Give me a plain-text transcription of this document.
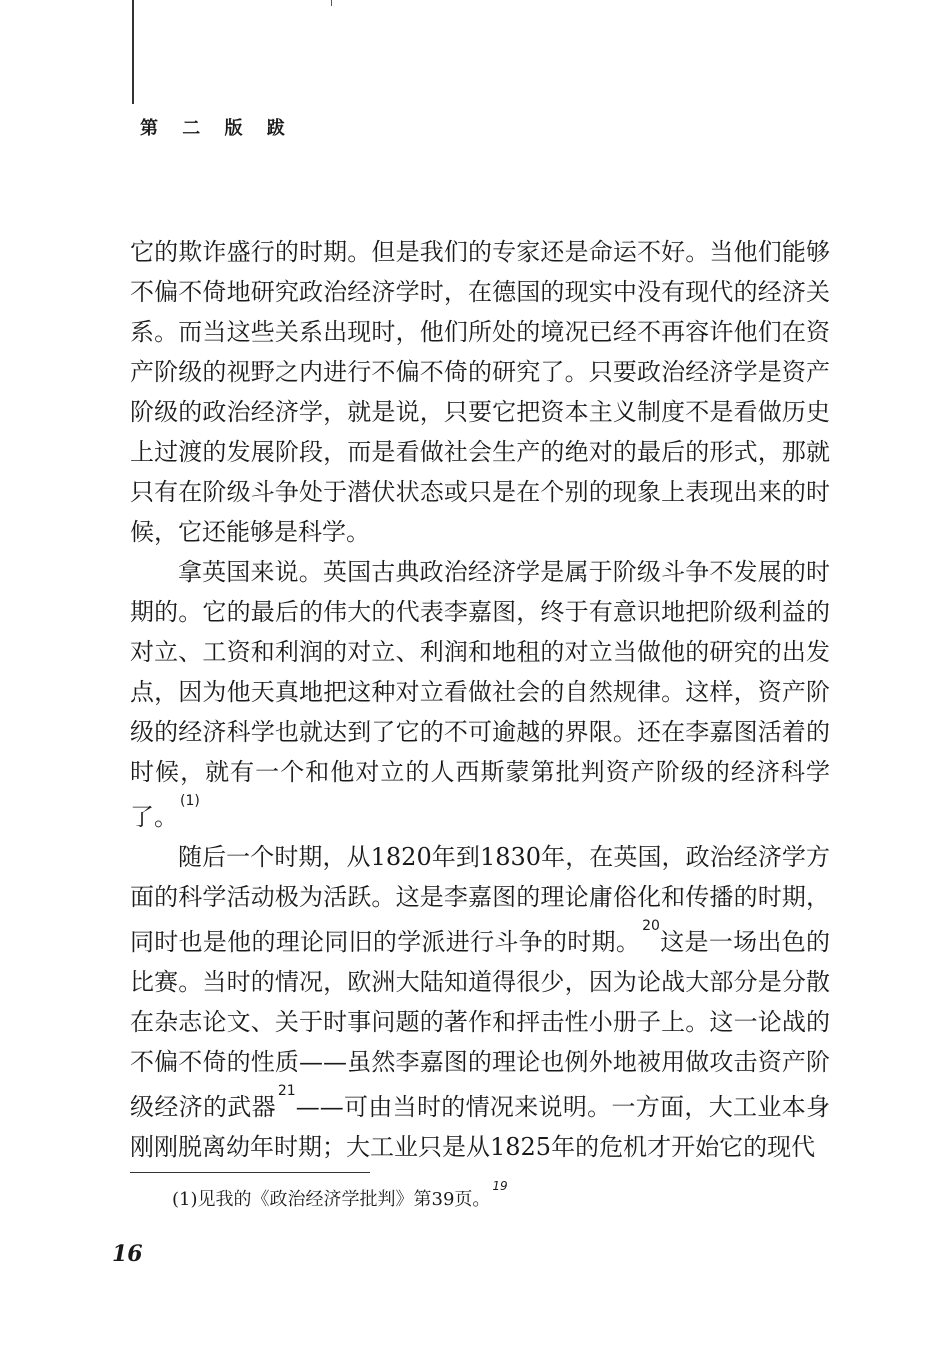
第 二 版 跋

它的欺诈盛行的时期。但是我们的专家还是命运不好。当他们能够不偏不倚地研究政治经济学时，在德国的现实中没有现代的经济关系。而当这些关系出现时，他们所处的境况已经不再容许他们在资产阶级的视野之内进行不偏不倚的研究了。只要政治经济学是资产阶级的政治经济学，就是说，只要它把资本主义制度不是看做历史上过渡的发展阶段，而是看做社会生产的绝对的最后的形式，那就只有在阶级斗争处于潜伏状态或只是在个别的现象上表现出来的时候，它还能够是科学。

拿英国来说。英国古典政治经济学是属于阶级斗争不发展的时期的。它的最后的伟大的代表李嘉图，终于有意识地把阶级利益的对立、工资和利润的对立、利润和地租的对立当做他的研究的出发点，因为他天真地把这种对立看做社会的自然规律。这样，资产阶级的经济科学也就达到了它的不可逾越的界限。还在李嘉图活着的时候，就有一个和他对立的人西斯蒙第批判资产阶级的经济科学了。$^{(1)}$

随后一个时期，从1820年到1830年，在英国，政治经济学方面的科学活动极为活跃。这是李嘉图的理论庸俗化和传播的时期，同时也是他的理论同旧的学派进行斗争的时期。$^{20}$这是一场出色的比赛。当时的情况，欧洲大陆知道得很少，因为论战大部分是分散在杂志论文、关于时事问题的著作和抨击性小册子上。这一论战的不偏不倚的性质——虽然李嘉图的理论也例外地被用做攻击资产阶级经济的武器$^{21}$——可由当时的情况来说明。一方面，大工业本身刚刚脱离幼年时期；大工业只是从1825年的危机才开始它的现代

(1)见我的《政治经济学批判》第39页。$^{19}$
16
